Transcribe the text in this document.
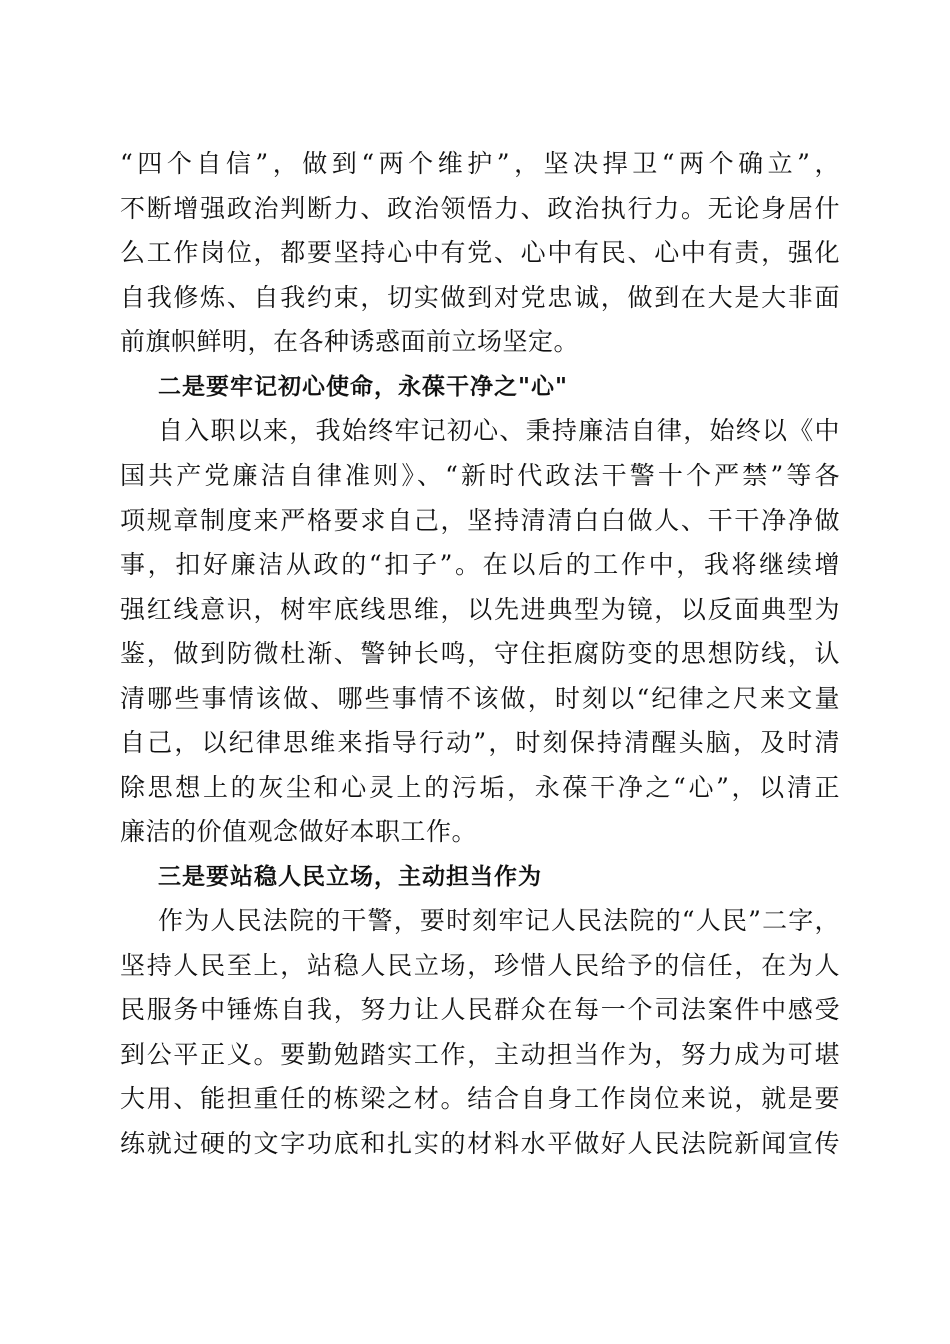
“四个自信”，做到“两个维护”，坚决捍卫“两个确立”，
不断增强政治判断力、政治领悟力、政治执行力。无论身居什
么工作岗位，都要坚持心中有党、心中有民、心中有责，强化
自我修炼、自我约束，切实做到对党忠诚，做到在大是大非面
前旗帜鲜明，在各种诱惑面前立场坚定。
二是要牢记初心使命，永葆干净之"心"
自入职以来，我始终牢记初心、秉持廉洁自律，始终以《中
国共产党廉洁自律准则》、“新时代政法干警十个严禁”等各
项规章制度来严格要求自己，坚持清清白白做人、干干净净做
事，扣好廉洁从政的“扣子”。在以后的工作中，我将继续增
强红线意识，树牢底线思维，以先进典型为镜，以反面典型为
鉴，做到防微杜渐、警钟长鸣，守住拒腐防变的思想防线，认
清哪些事情该做、哪些事情不该做，时刻以“纪律之尺来文量
自己，以纪律思维来指导行动”，时刻保持清醒头脑，及时清
除思想上的灰尘和心灵上的污垢，永葆干净之“心”，以清正
廉洁的价值观念做好本职工作。
三是要站稳人民立场，主动担当作为
作为人民法院的干警，要时刻牢记人民法院的“人民”二字，
坚持人民至上，站稳人民立场，珍惜人民给予的信任，在为人
民服务中锤炼自我，努力让人民群众在每一个司法案件中感受
到公平正义。要勤勉踏实工作，主动担当作为，努力成为可堪
大用、能担重任的栋梁之材。结合自身工作岗位来说，就是要
练就过硬的文字功底和扎实的材料水平做好人民法院新闻宣传
